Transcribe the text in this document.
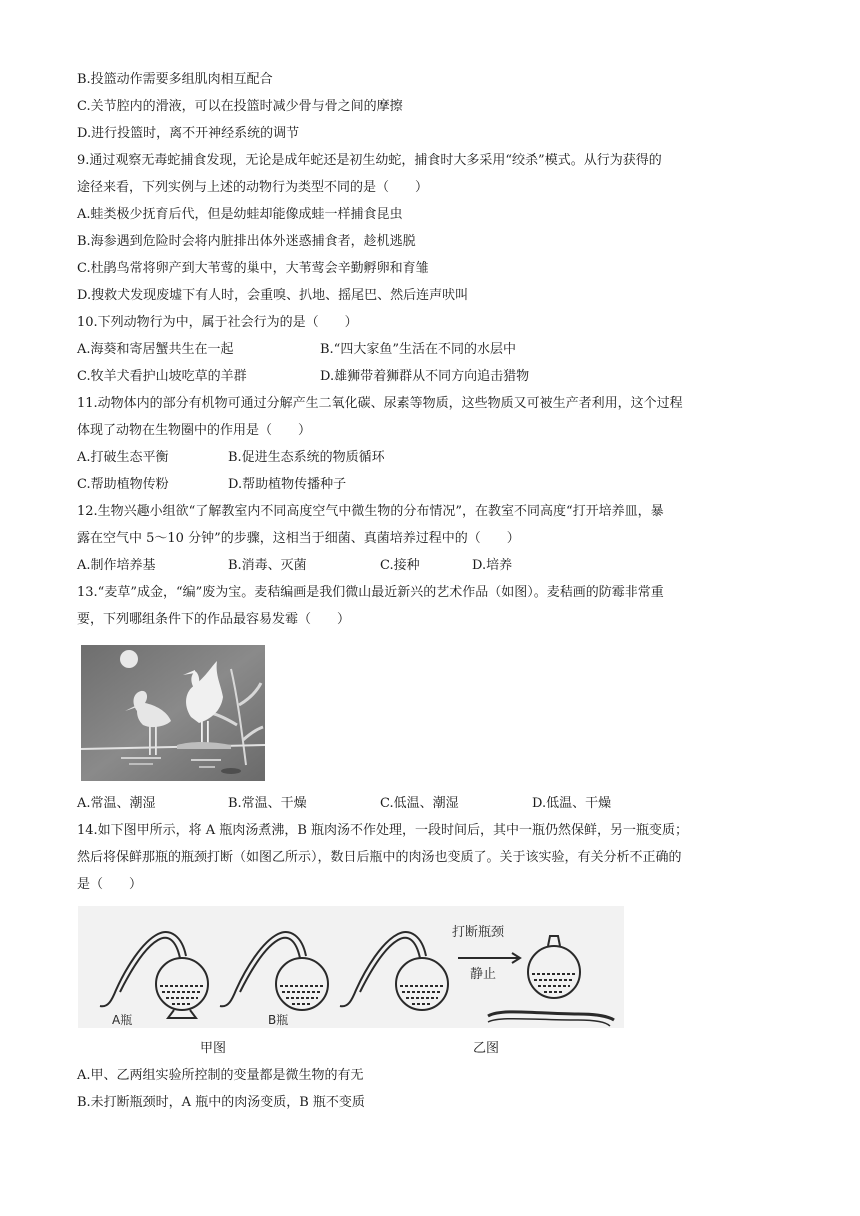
B.投篮动作需要多组肌肉相互配合
C.关节腔内的滑液，可以在投篮时减少骨与骨之间的摩擦
D.进行投篮时，离不开神经系统的调节
9.通过观察无毒蛇捕食发现，无论是成年蛇还是初生幼蛇，捕食时大多采用“绞杀”模式。从行为获得的
途径来看，下列实例与上述的动物行为类型不同的是（　　）
A.蛙类极少抚育后代，但是幼蛙却能像成蛙一样捕食昆虫
B.海参遇到危险时会将内脏排出体外迷惑捕食者，趁机逃脱
C.杜鹃鸟常将卵产到大苇莺的巢中，大苇莺会辛勤孵卵和育雏
D.搜救犬发现废墟下有人时，会重嗅、扒地、摇尾巴、然后连声吠叫
10.下列动物行为中，属于社会行为的是（　　）
A.海葵和寄居蟹共生在一起	B.“四大家鱼”生活在不同的水层中
C.牧羊犬看护山坡吃草的羊群	D.雄狮带着狮群从不同方向追击猎物
11.动物体内的部分有机物可通过分解产生二氧化碳、尿素等物质，这些物质又可被生产者利用，这个过程
体现了动物在生物圈中的作用是（　　）
A.打破生态平衡	B.促进生态系统的物质循环
C.帮助植物传粉	D.帮助植物传播种子
12.生物兴趣小组欲“了解教室内不同高度空气中微生物的分布情况”，在教室不同高度“打开培养皿，暴
露在空气中 5～10 分钟”的步骤，这相当于细菌、真菌培养过程中的（　　）
A.制作培养基	B.消毒、灭菌	C.接种	D.培养
13.“麦草”成金，“编”废为宝。麦秸编画是我们微山最近新兴的艺术作品（如图）。麦秸画的防霉非常重
要，下列哪组条件下的作品最容易发霉（　　）
A.常温、潮湿	B.常温、干燥	C.低温、潮湿	D.低温、干燥
14.如下图甲所示，将 A 瓶肉汤煮沸，B 瓶肉汤不作处理，一段时间后，其中一瓶仍然保鲜，另一瓶变质；
然后将保鲜那瓶的瓶颈打断（如图乙所示），数日后瓶中的肉汤也变质了。关于该实验，有关分析不正确的
是（　　）
A瓶	B瓶
打断瓶颈
静止
甲图	乙图
A.甲、乙两组实验所控制的变量都是微生物的有无
B.未打断瓶颈时，A 瓶中的肉汤变质，B 瓶不变质
